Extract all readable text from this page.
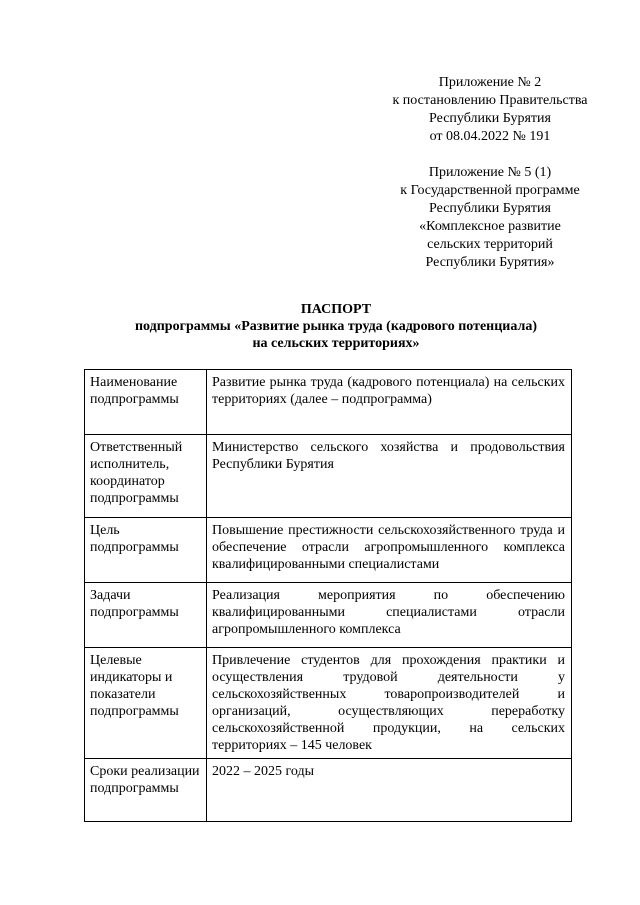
Приложение № 2
к постановлению Правительства
Республики Бурятия
от 08.04.2022 № 191
Приложение № 5 (1)
к Государственной программе
Республики Бурятия
«Комплексное развитие
сельских территорий
Республики Бурятия»
ПАСПОРТ
подпрограммы «Развитие рынка труда (кадрового потенциала)
на сельских территориях»
Наименование подпрограммы	Развитие рынка труда (кадрового потенциала) на сельских территориях (далее – подпрограмма)
Ответственный исполнитель, координатор подпрограммы	Министерство сельского хозяйства и продовольствия Республики Бурятия
Цель подпрограммы	Повышение престижности сельскохозяйственного труда и обеспечение отрасли агропромышленного комплекса квалифицированными специалистами
Задачи подпрограммы	Реализация мероприятия по обеспечению квалифицированными специалистами отрасли агропромышленного комплекса
Целевые индикаторы и показатели подпрограммы	Привлечение студентов для прохождения практики и осуществления трудовой деятельности у сельскохозяйственных товаропроизводителей и организаций, осуществляющих переработку сельскохозяйственной продукции, на сельских территориях – 145 человек
Сроки реализации подпрограммы	2022 – 2025 годы
